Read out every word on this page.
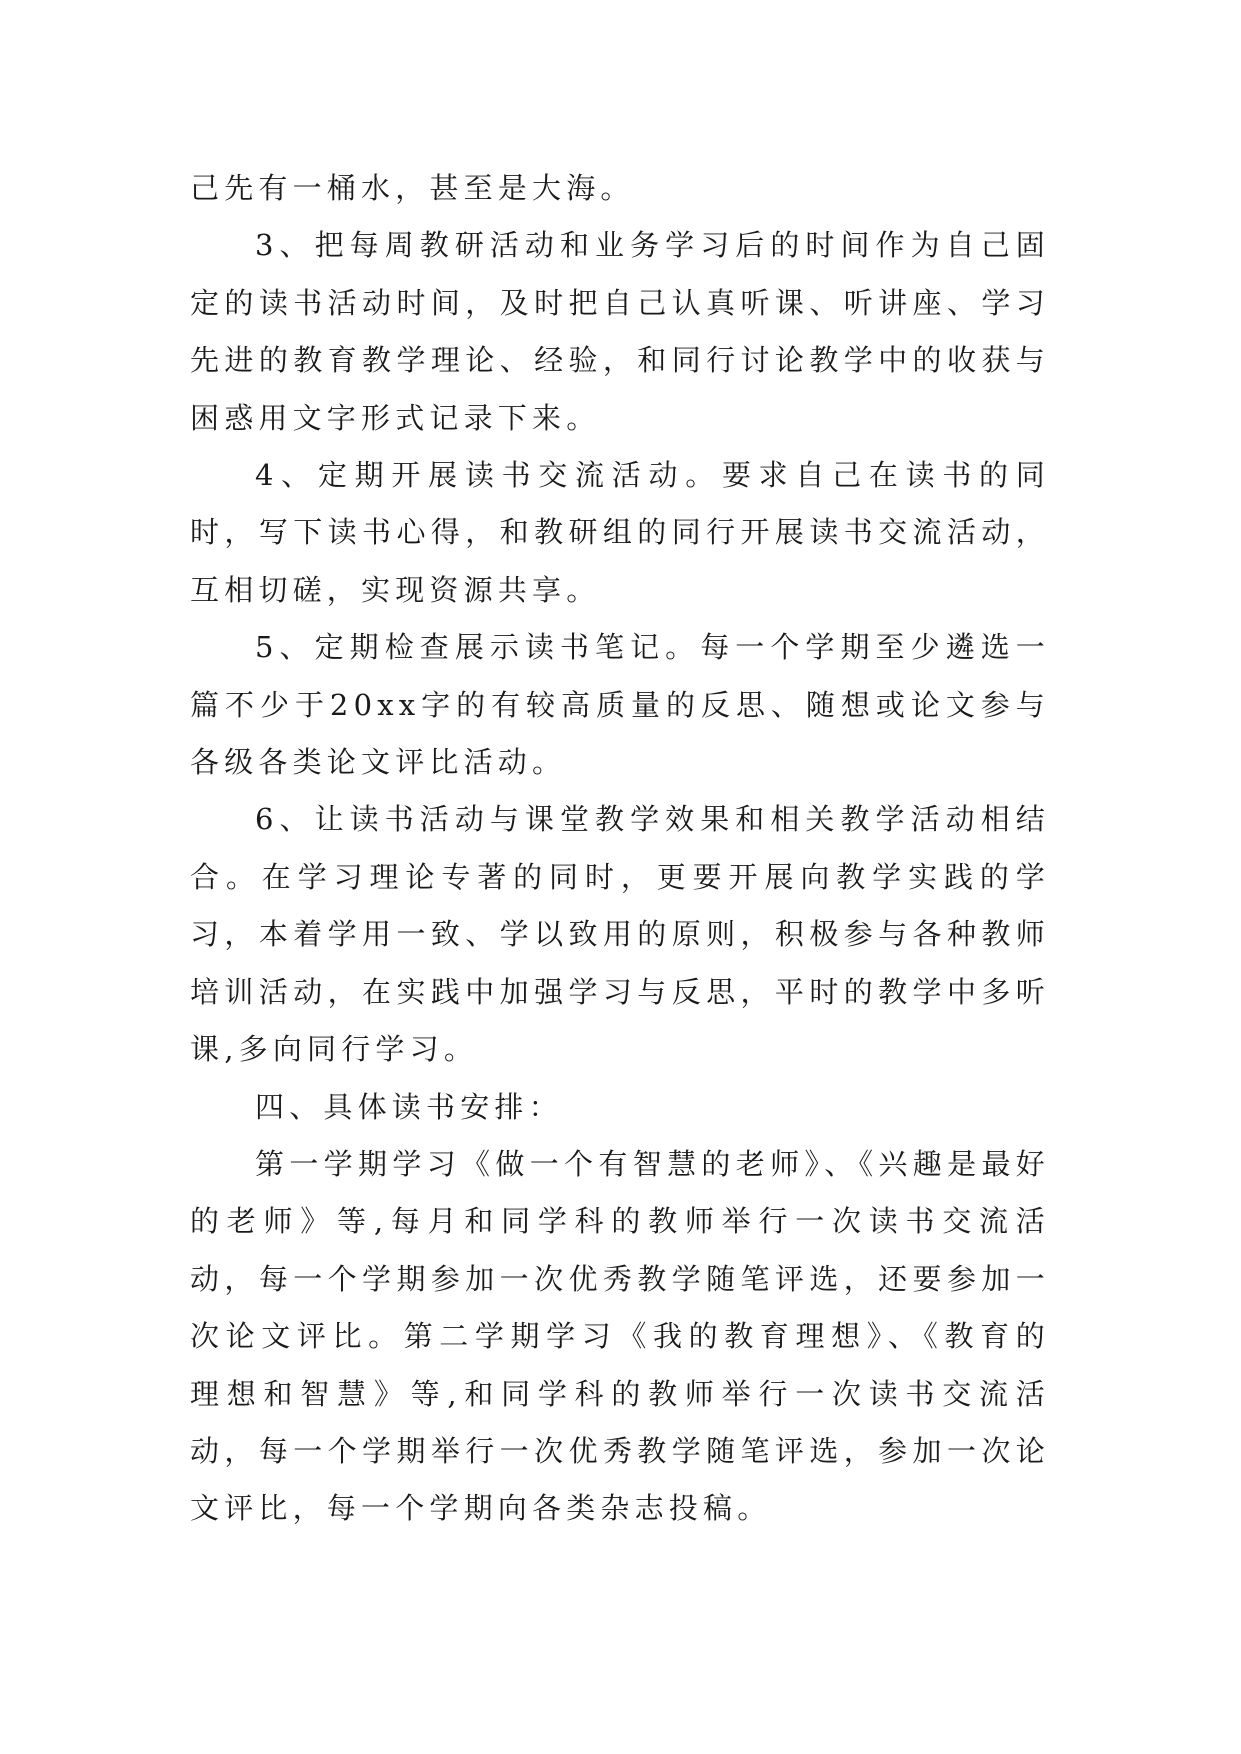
己先有一桶水，甚至是大海。

3、把每周教研活动和业务学习后的时间作为自己固定的读书活动时间，及时把自己认真听课、听讲座、学习先进的教育教学理论、经验，和同行讨论教学中的收获与困惑用文字形式记录下来。

4、定期开展读书交流活动。要求自己在读书的同时，写下读书心得，和教研组的同行开展读书交流活动，互相切磋，实现资源共享。

5、定期检查展示读书笔记。每一个学期至少遴选一篇不少于20xx字的有较高质量的反思、随想或论文参与各级各类论文评比活动。

6、让读书活动与课堂教学效果和相关教学活动相结合。在学习理论专著的同时，更要开展向教学实践的学习，本着学用一致、学以致用的原则，积极参与各种教师培训活动，在实践中加强学习与反思，平时的教学中多听课,多向同行学习。

四、具体读书安排：

第一学期学习《做一个有智慧的老师》、《兴趣是最好的老师》等,每月和同学科的教师举行一次读书交流活动，每一个学期参加一次优秀教学随笔评选，还要参加一次论文评比。第二学期学习《我的教育理想》、《教育的理想和智慧》等,和同学科的教师举行一次读书交流活动，每一个学期举行一次优秀教学随笔评选，参加一次论文评比，每一个学期向各类杂志投稿。
